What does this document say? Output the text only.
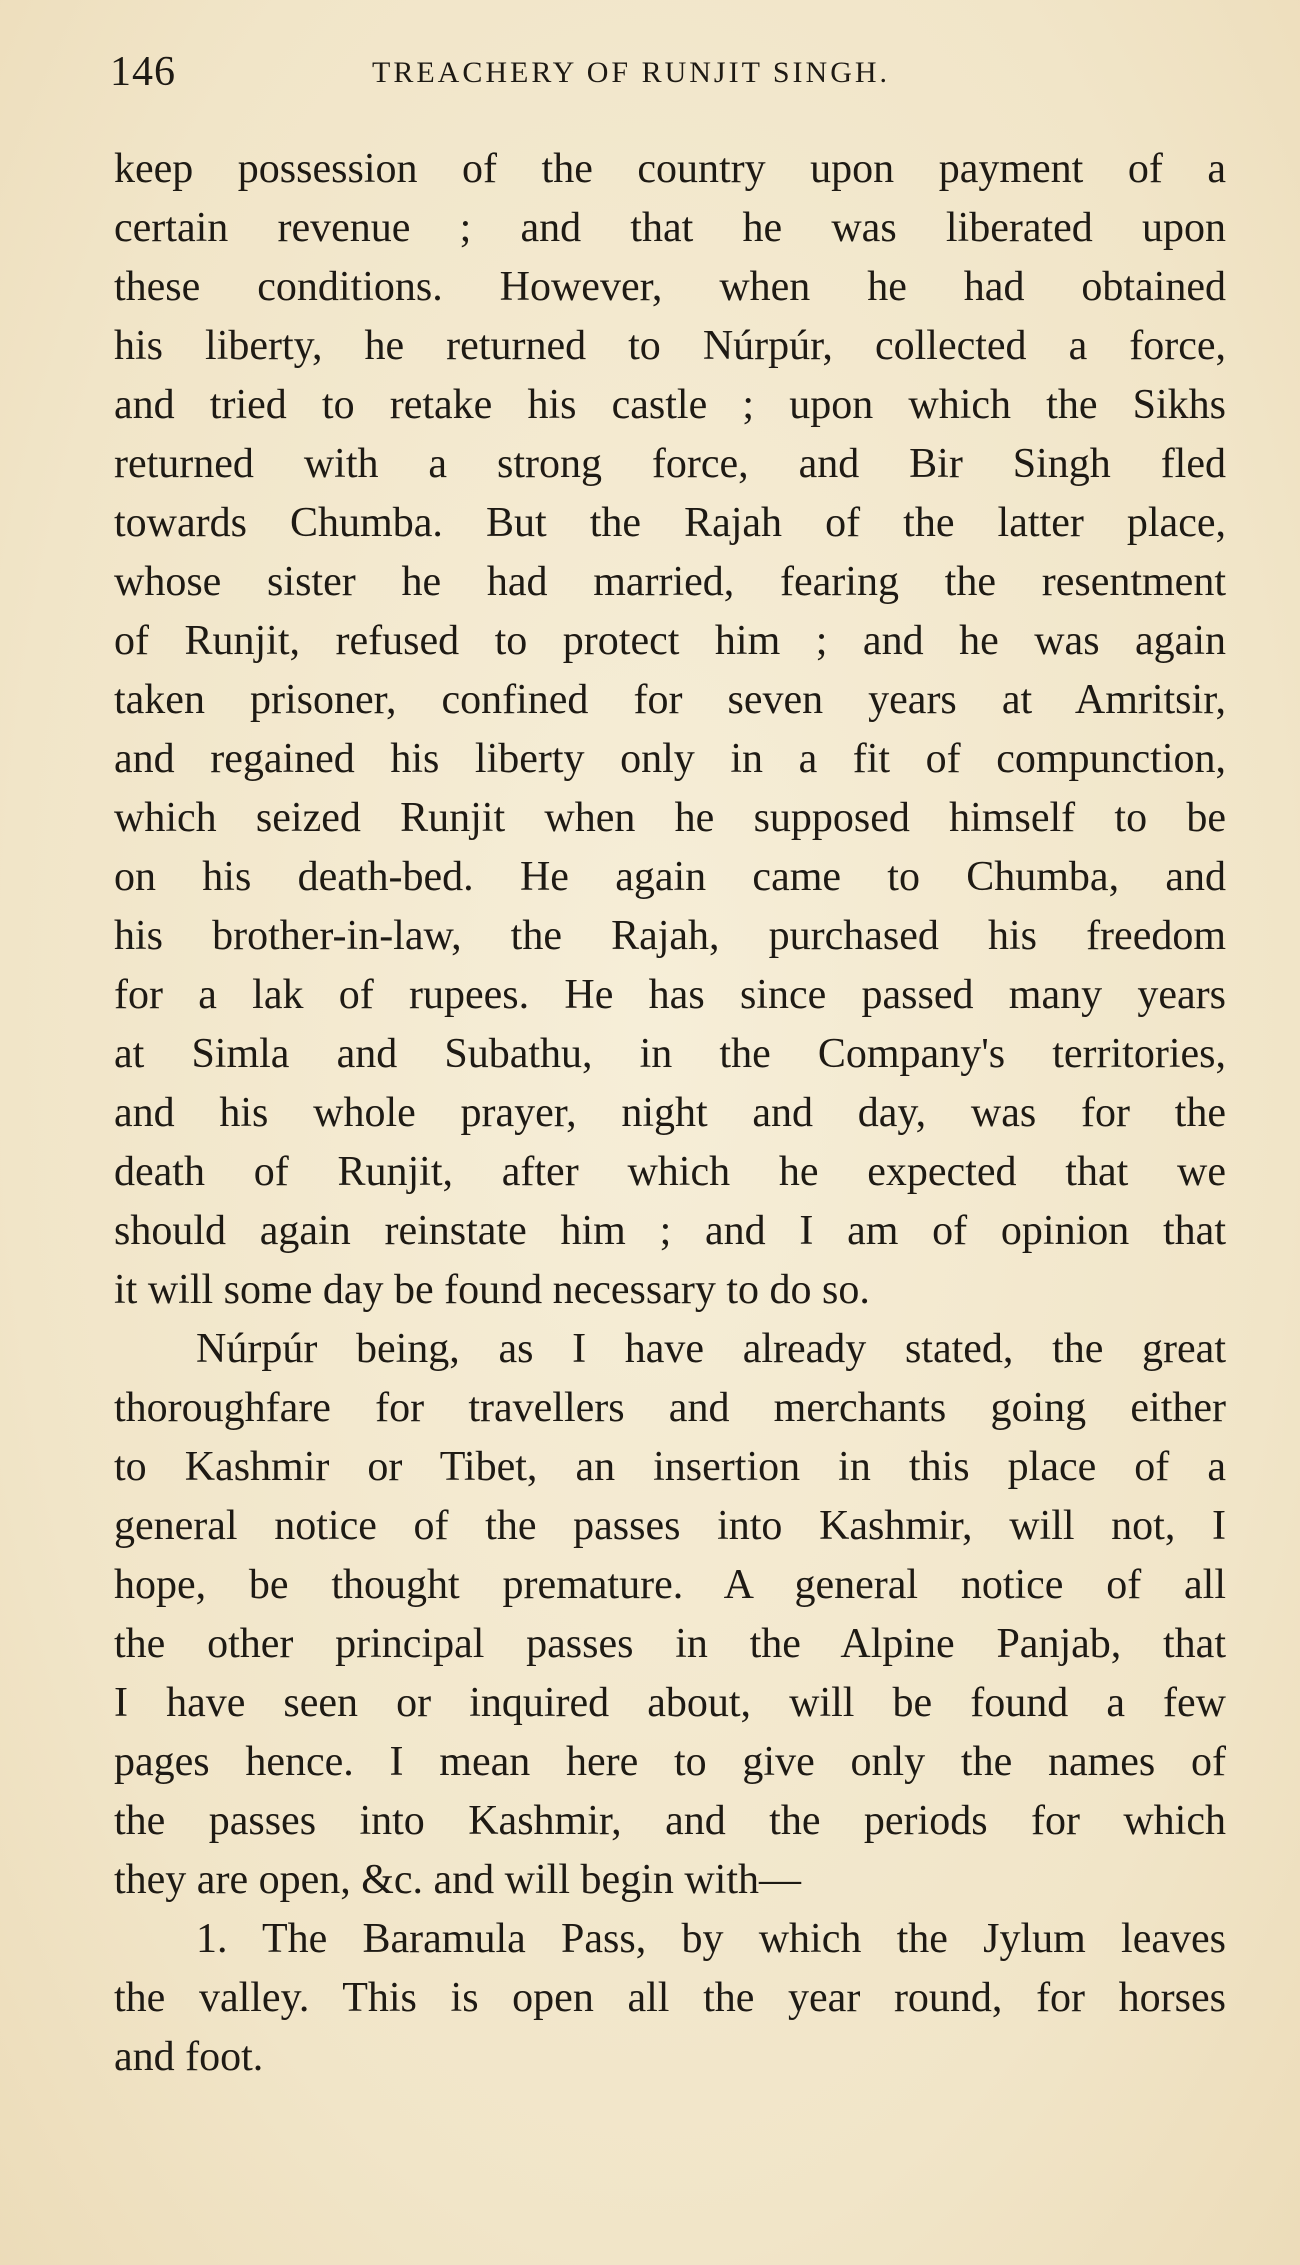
146	TREACHERY OF RUNJIT SINGH.
keep possession of the country upon payment of a
certain revenue ; and that he was liberated upon
these conditions. However, when he had obtained
his liberty, he returned to Núrpúr, collected a force,
and tried to retake his castle ; upon which the Sikhs
returned with a strong force, and Bir Singh fled
towards Chumba. But the Rajah of the latter place,
whose sister he had married, fearing the resentment
of Runjit, refused to protect him ; and he was again
taken prisoner, confined for seven years at Amritsir,
and regained his liberty only in a fit of compunction,
which seized Runjit when he supposed himself to be
on his death-bed. He again came to Chumba, and
his brother-in-law, the Rajah, purchased his freedom
for a lak of rupees. He has since passed many years
at Simla and Subathu, in the Company's territories,
and his whole prayer, night and day, was for the
death of Runjit, after which he expected that we
should again reinstate him ; and I am of opinion that
it will some day be found necessary to do so.
Núrpúr being, as I have already stated, the great
thoroughfare for travellers and merchants going either
to Kashmir or Tibet, an insertion in this place of a
general notice of the passes into Kashmir, will not, I
hope, be thought premature. A general notice of all
the other principal passes in the Alpine Panjab, that
I have seen or inquired about, will be found a few
pages hence. I mean here to give only the names of
the passes into Kashmir, and the periods for which
they are open, &c. and will begin with—
1. The Baramula Pass, by which the Jylum leaves
the valley. This is open all the year round, for horses
and foot.
